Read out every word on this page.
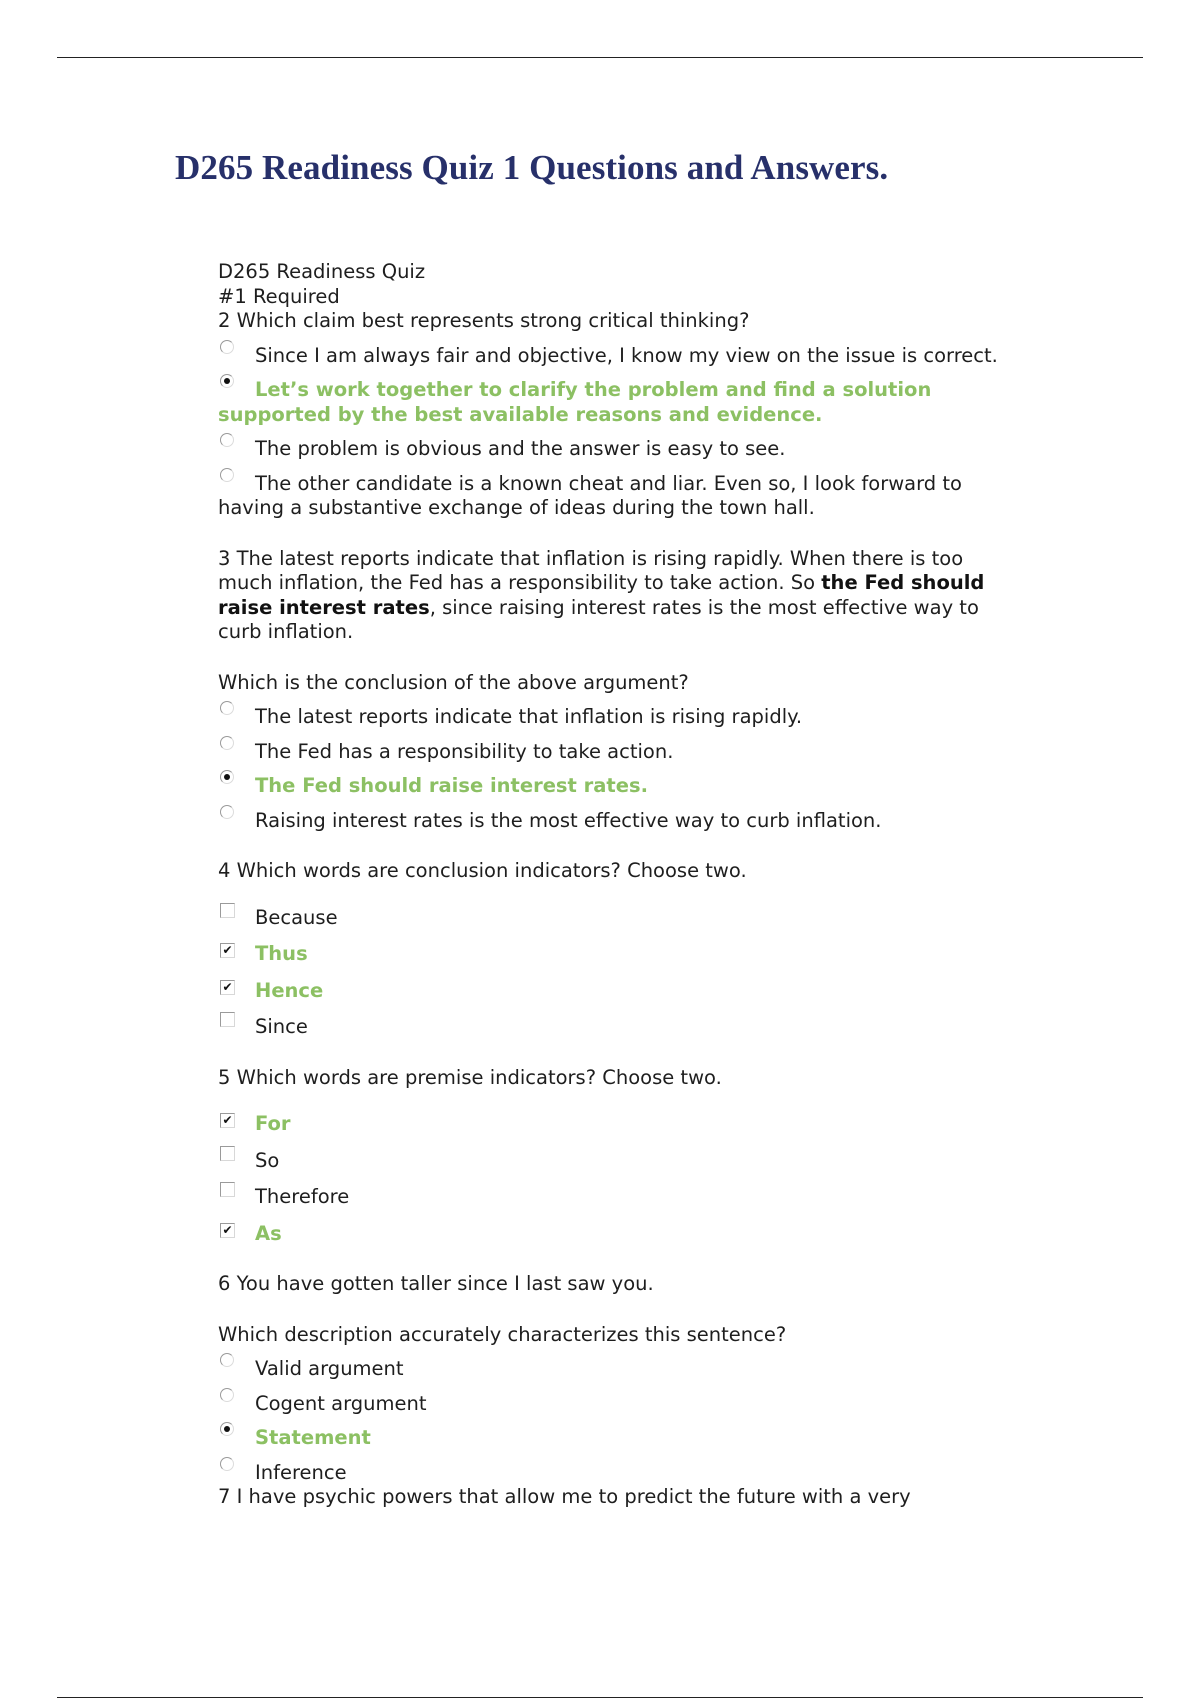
D265 Readiness Quiz 1 Questions and Answers.

D265 Readiness Quiz

#1 Required

2 Which claim best represents strong critical thinking?

Since I am always fair and objective, I know my view on the issue is correct.
Let’s work together to clarify the problem and find a solution supported by the best available reasons and evidence.
The problem is obvious and the answer is easy to see.
The other candidate is a known cheat and liar. Even so, I look forward to having a substantive exchange of ideas during the town hall.

3 The latest reports indicate that inflation is rising rapidly. When there is too much inflation, the Fed has a responsibility to take action. So the Fed should raise interest rates, since raising interest rates is the most effective way to curb inflation.

Which is the conclusion of the above argument?

The latest reports indicate that inflation is rising rapidly.
The Fed has a responsibility to take action.
The Fed should raise interest rates.
Raising interest rates is the most effective way to curb inflation.

4 Which words are conclusion indicators? Choose two.

Because
✔ Thus
✔ Hence
Since

5 Which words are premise indicators? Choose two.

✔ For
So
Therefore
✔ As

6 You have gotten taller since I last saw you.

Which description accurately characterizes this sentence?

Valid argument
Cogent argument
Statement
Inference

7 I have psychic powers that allow me to predict the future with a very
